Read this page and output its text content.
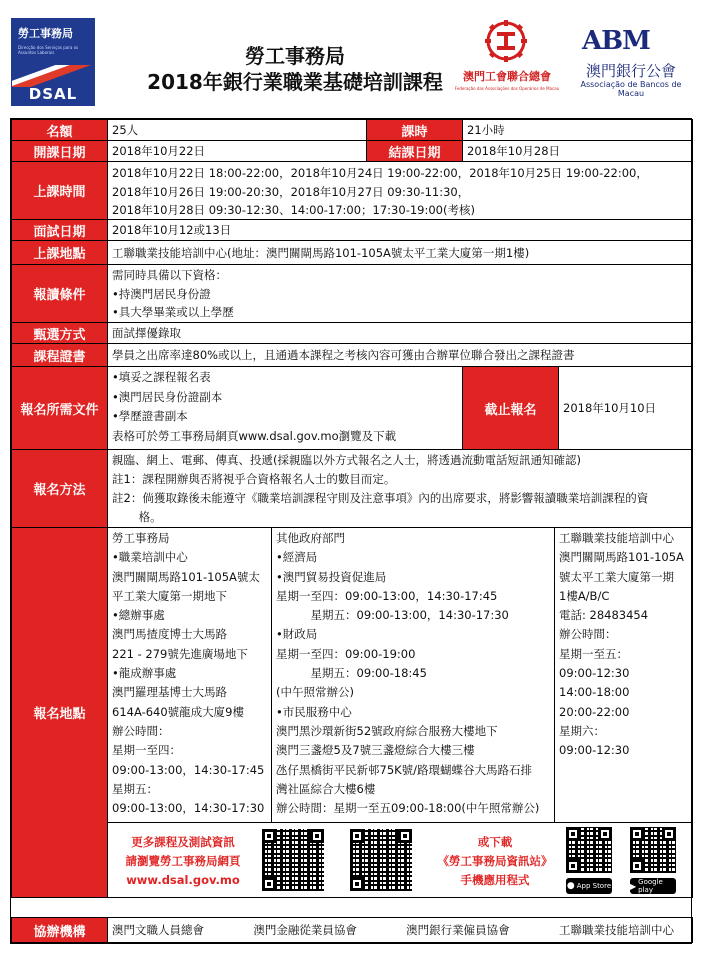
勞工事務局
Direcção dos Serviços para os Assuntos Laborais
DSAL
勞工事務局
2018年銀行業職業基礎培訓課程	澳門工會聯合總會
Federação das Associações dos Operários de Macau
ABM
澳門銀行公會
Associação de Bancos de Macau
名額	25人	課時	21小時
開課日期	2018年10月22日	結課日期	2018年10月28日
上課時間
2018年10月22日 18:00-22:00，2018年10月24日 19:00-22:00，2018年10月25日 19:00-22:00，
2018年10月26日 19:00-20:30，2018年10月27日 09:30-11:30，
2018年10月28日 09:30-12:30、14:00-17:00；17:30-19:00(考核)
面試日期	2018年10月12或13日
上課地點	工聯職業技能培訓中心(地址：澳門關閘馬路101-105A號太平工業大廈第一期1樓)
報讀條件
需同時具備以下資格：
•持澳門居民身份證
•具大學畢業或以上學歷
甄選方式	面試擇優錄取
課程證書	學員之出席率達80%或以上，且通過本課程之考核內容可獲由合辦單位聯合發出之課程證書
報名所需文件
•填妥之課程報名表
•澳門居民身份證副本
•學歷證書副本
表格可於勞工事務局網頁www.dsal.gov.mo瀏覽及下載
截止報名	2018年10月10日
報名方法
親臨、網上、電郵、傳真、投遞(採親臨以外方式報名之人士，將透過流動電話短訊通知確認)
註1：課程開辦與否將視乎合資格報名人士的數目而定。
註2：倘獲取錄後未能遵守《職業培訓課程守則及注意事項》內的出席要求，將影響報讀職業培訓課程的資
　　 格。
報名地點
勞工事務局
•職業培訓中心
澳門關閘馬路101-105A號太
平工業大廈第一期地下
•總辦事處
澳門馬揸度博士大馬路
221 - 279號先進廣場地下
•龍成辦事處
澳門羅理基博士大馬路
614A-640號龍成大廈9樓
辦公時間：
星期一至四：
09:00-13:00，14:30-17:45
星期五：
09:00-13:00，14:30-17:30
其他政府部門
•經濟局
•澳門貿易投資促進局
星期一至四：09:00-13:00，14:30-17:45
　　　星期五：09:00-13:00，14:30-17:30
•財政局
星期一至四：09:00-19:00
　　　星期五：09:00-18:45
(中午照常辦公)
•市民服務中心
澳門黑沙環新街52號政府綜合服務大樓地下
澳門三盞燈5及7號三盞燈綜合大樓三樓
氹仔黑橋街平民新邨75K號/路環蝴蝶谷大馬路石排
灣社區綜合大樓6樓
辦公時間：星期一至五09:00-18:00(中午照常辦公)
工聯職業技能培訓中心
澳門關閘馬路101-105A
號太平工業大廈第一期
1樓A/B/C
電話: 28483454
辦公時間：
星期一至五：
09:00-12:30
14:00-18:00
20:00-22:00
星期六：
09:00-12:30
更多課程及測試資訊
請瀏覽勞工事務局網頁
www.dsal.gov.mo
或下載
《勞工事務局資訊站》
手機應用程式	● App Store ▶ Google play
協辦機構	澳門文職人員總會	澳門金融從業員協會	澳門銀行業僱員協會	工聯職業技能培訓中心
